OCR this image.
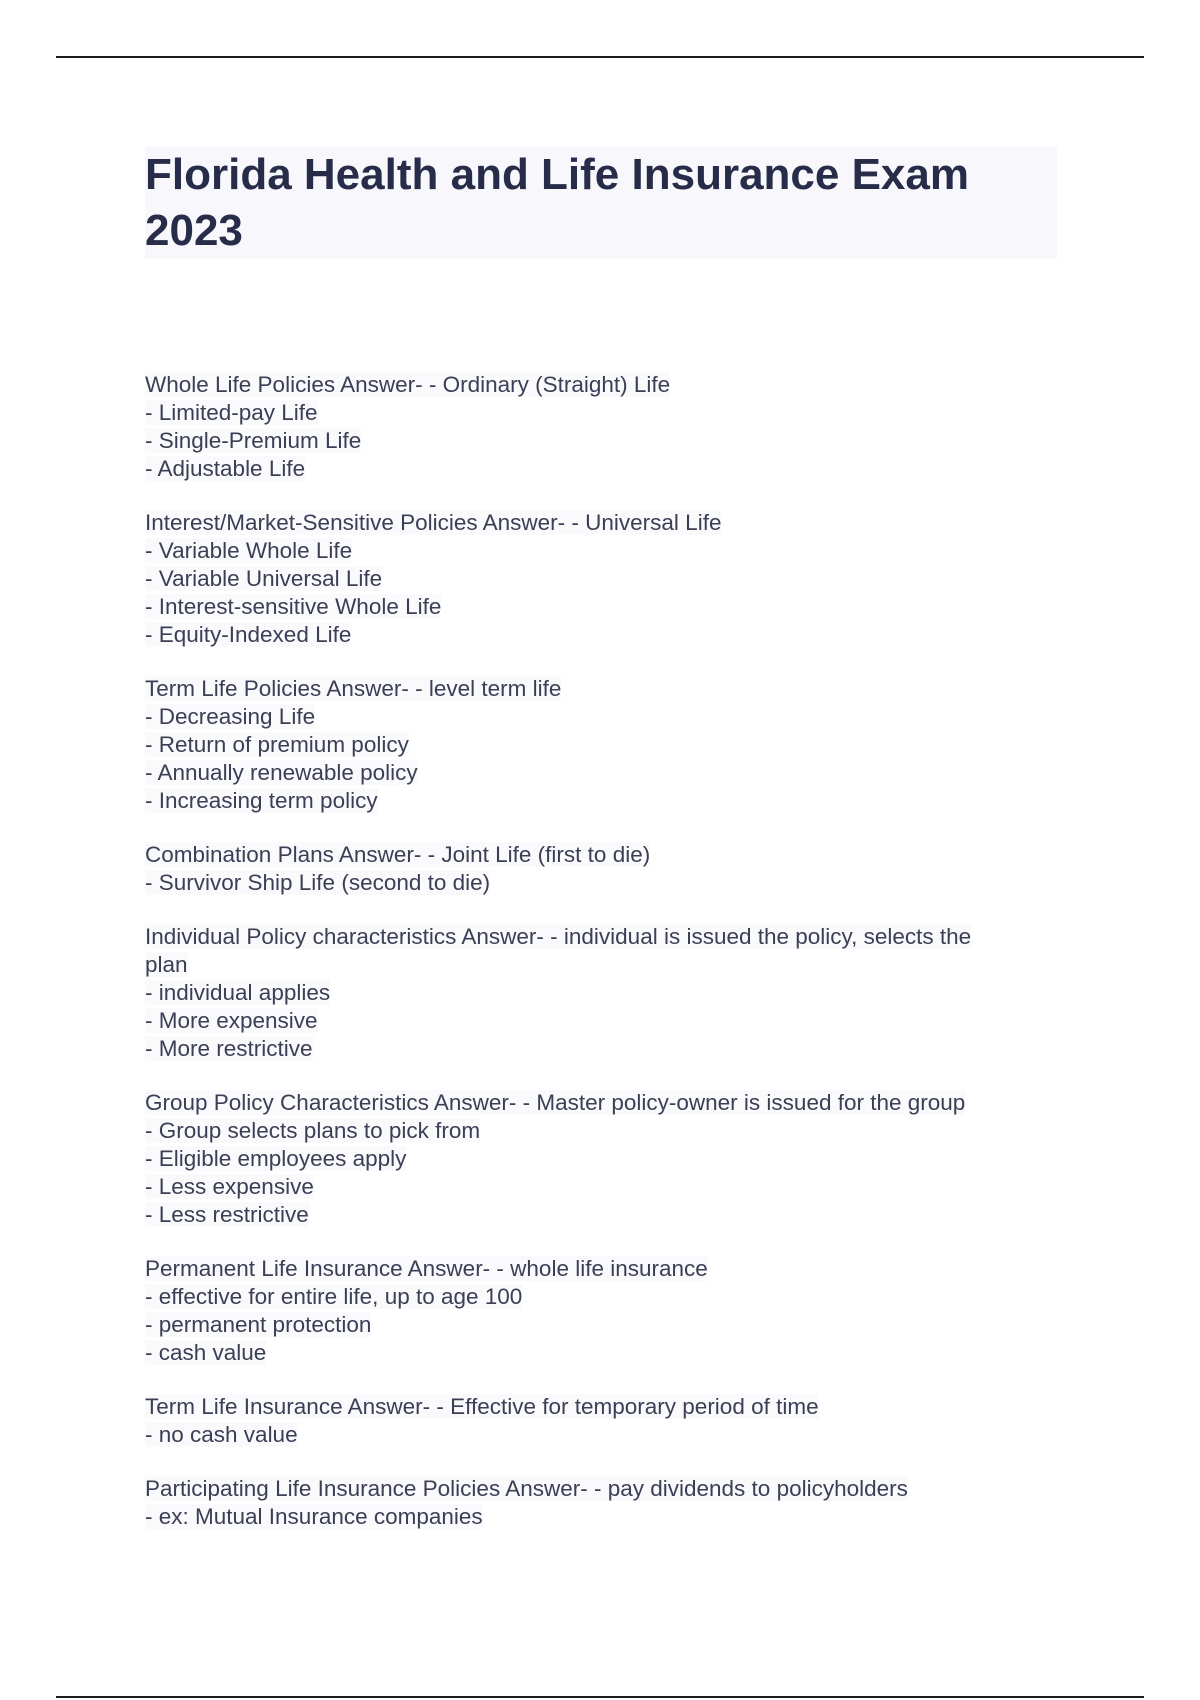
Florida Health and Life Insurance Exam 2023
Whole Life Policies Answer- - Ordinary (Straight) Life
- Limited-pay Life
- Single-Premium Life
- Adjustable Life
Interest/Market-Sensitive Policies Answer- - Universal Life
- Variable Whole Life
- Variable Universal Life
- Interest-sensitive Whole Life
- Equity-Indexed Life
Term Life Policies Answer- - level term life
- Decreasing Life
- Return of premium policy
- Annually renewable policy
- Increasing term policy
Combination Plans Answer- - Joint Life (first to die)
- Survivor Ship Life (second to die)
Individual Policy characteristics Answer- - individual is issued the policy, selects the
plan
- individual applies
- More expensive
- More restrictive
Group Policy Characteristics Answer- - Master policy-owner is issued for the group
- Group selects plans to pick from
- Eligible employees apply
- Less expensive
- Less restrictive
Permanent Life Insurance Answer- - whole life insurance
- effective for entire life, up to age 100
- permanent protection
- cash value
Term Life Insurance Answer- - Effective for temporary period of time
- no cash value
Participating Life Insurance Policies Answer- - pay dividends to policyholders
- ex: Mutual Insurance companies
